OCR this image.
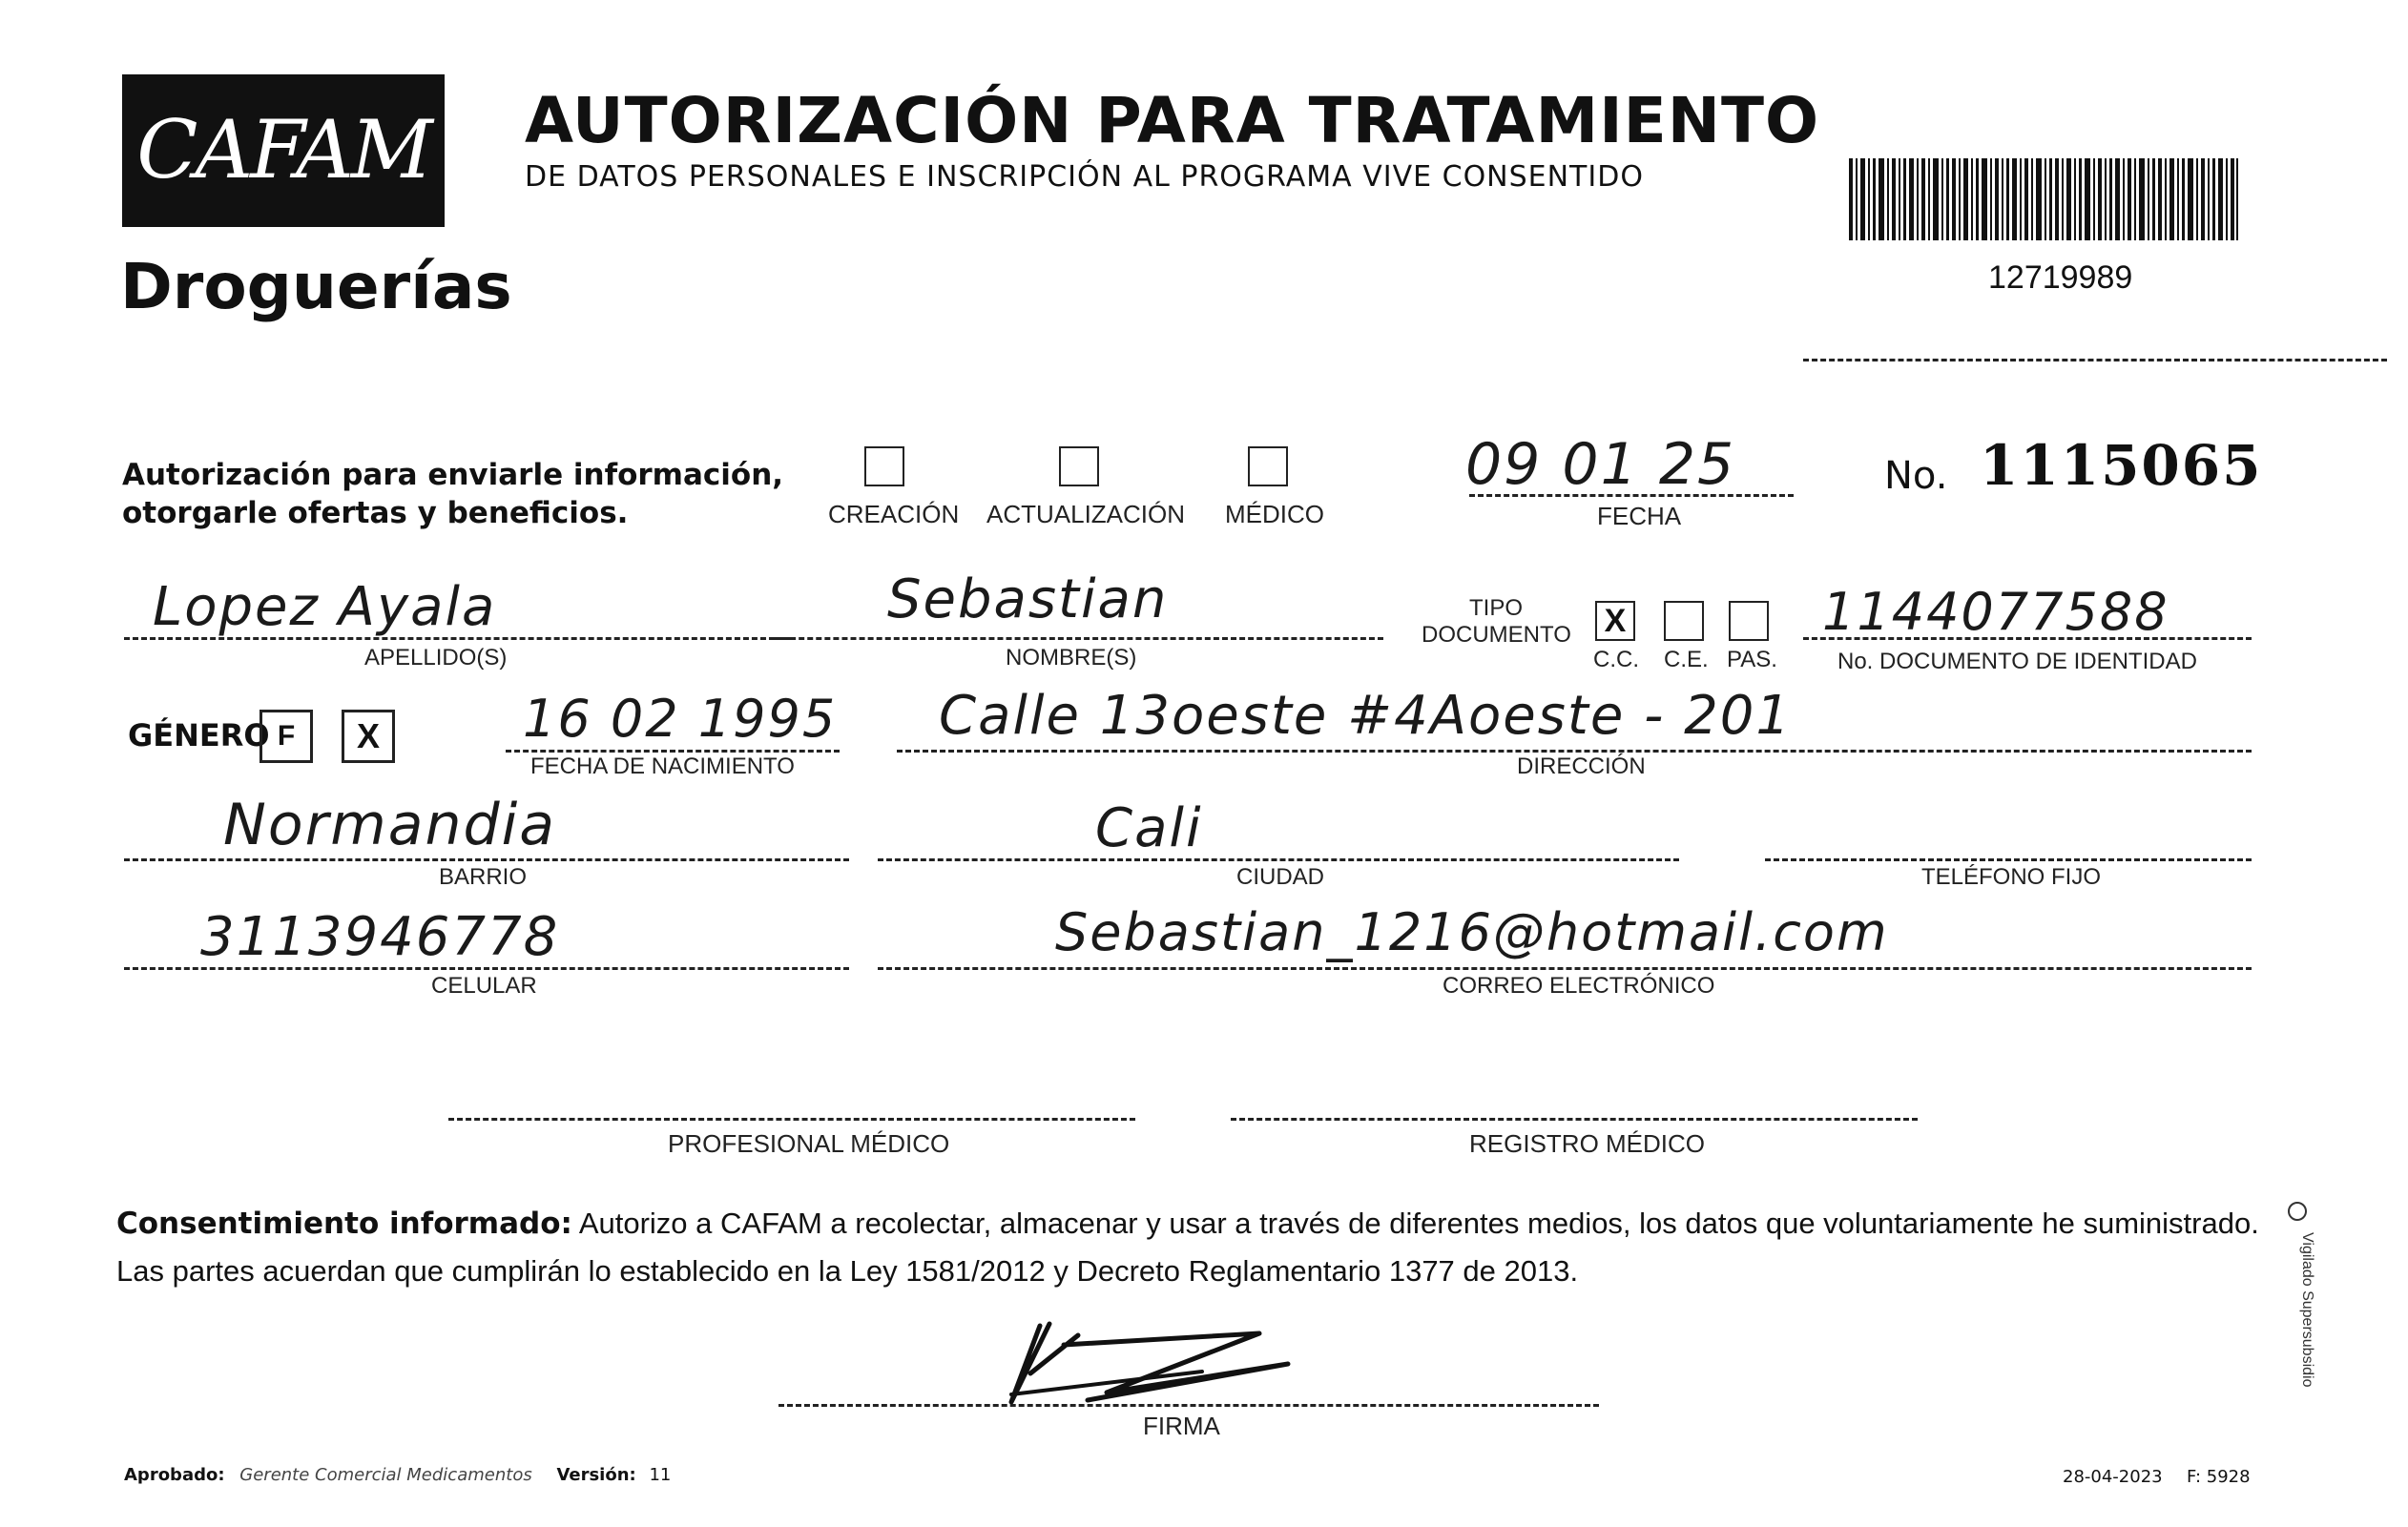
CAFAM
Droguerías
AUTORIZACIÓN PARA TRATAMIENTO
DE DATOS PERSONALES E INSCRIPCIÓN AL PROGRAMA VIVE CONSENTIDO
12719989
Autorización para enviarle información,
otorgarle ofertas y beneficios.	CREACIÓN ACTUALIZACIÓN MÉDICO
09 01 25
FECHA
No. 1115065
Lopez Ayala
APELLIDO(S)
Sebastian
NOMBRE(S)
TIPO
DOCUMENTO X
C.C. C.E. PAS.
1144077588
No. DOCUMENTO DE IDENTIDAD
GÉNERO F	X	16 02 1995
FECHA DE NACIMIENTO
Calle 13oeste #4Aoeste - 201
DIRECCIÓN
Normandia
BARRIO
Cali
CIUDAD	TELÉFONO FIJO
3113946778
CELULAR
Sebastian_1216@hotmail.com
CORREO ELECTRÓNICO
PROFESIONAL MÉDICO	REGISTRO MÉDICO
Consentimiento informado: Autorizo a CAFAM a recolectar, almacenar y usar a través de diferentes medios, los datos que voluntariamente he suministrado.
Las partes acuerdan que cumplirán lo establecido en la Ley 1581/2012 y Decreto Reglamentario 1377 de 2013.
FIRMA
Vigilado Supersubsidio
Aprobado: Gerente Comercial Medicamentos Versión: 11	28-04-2023 F: 5928
